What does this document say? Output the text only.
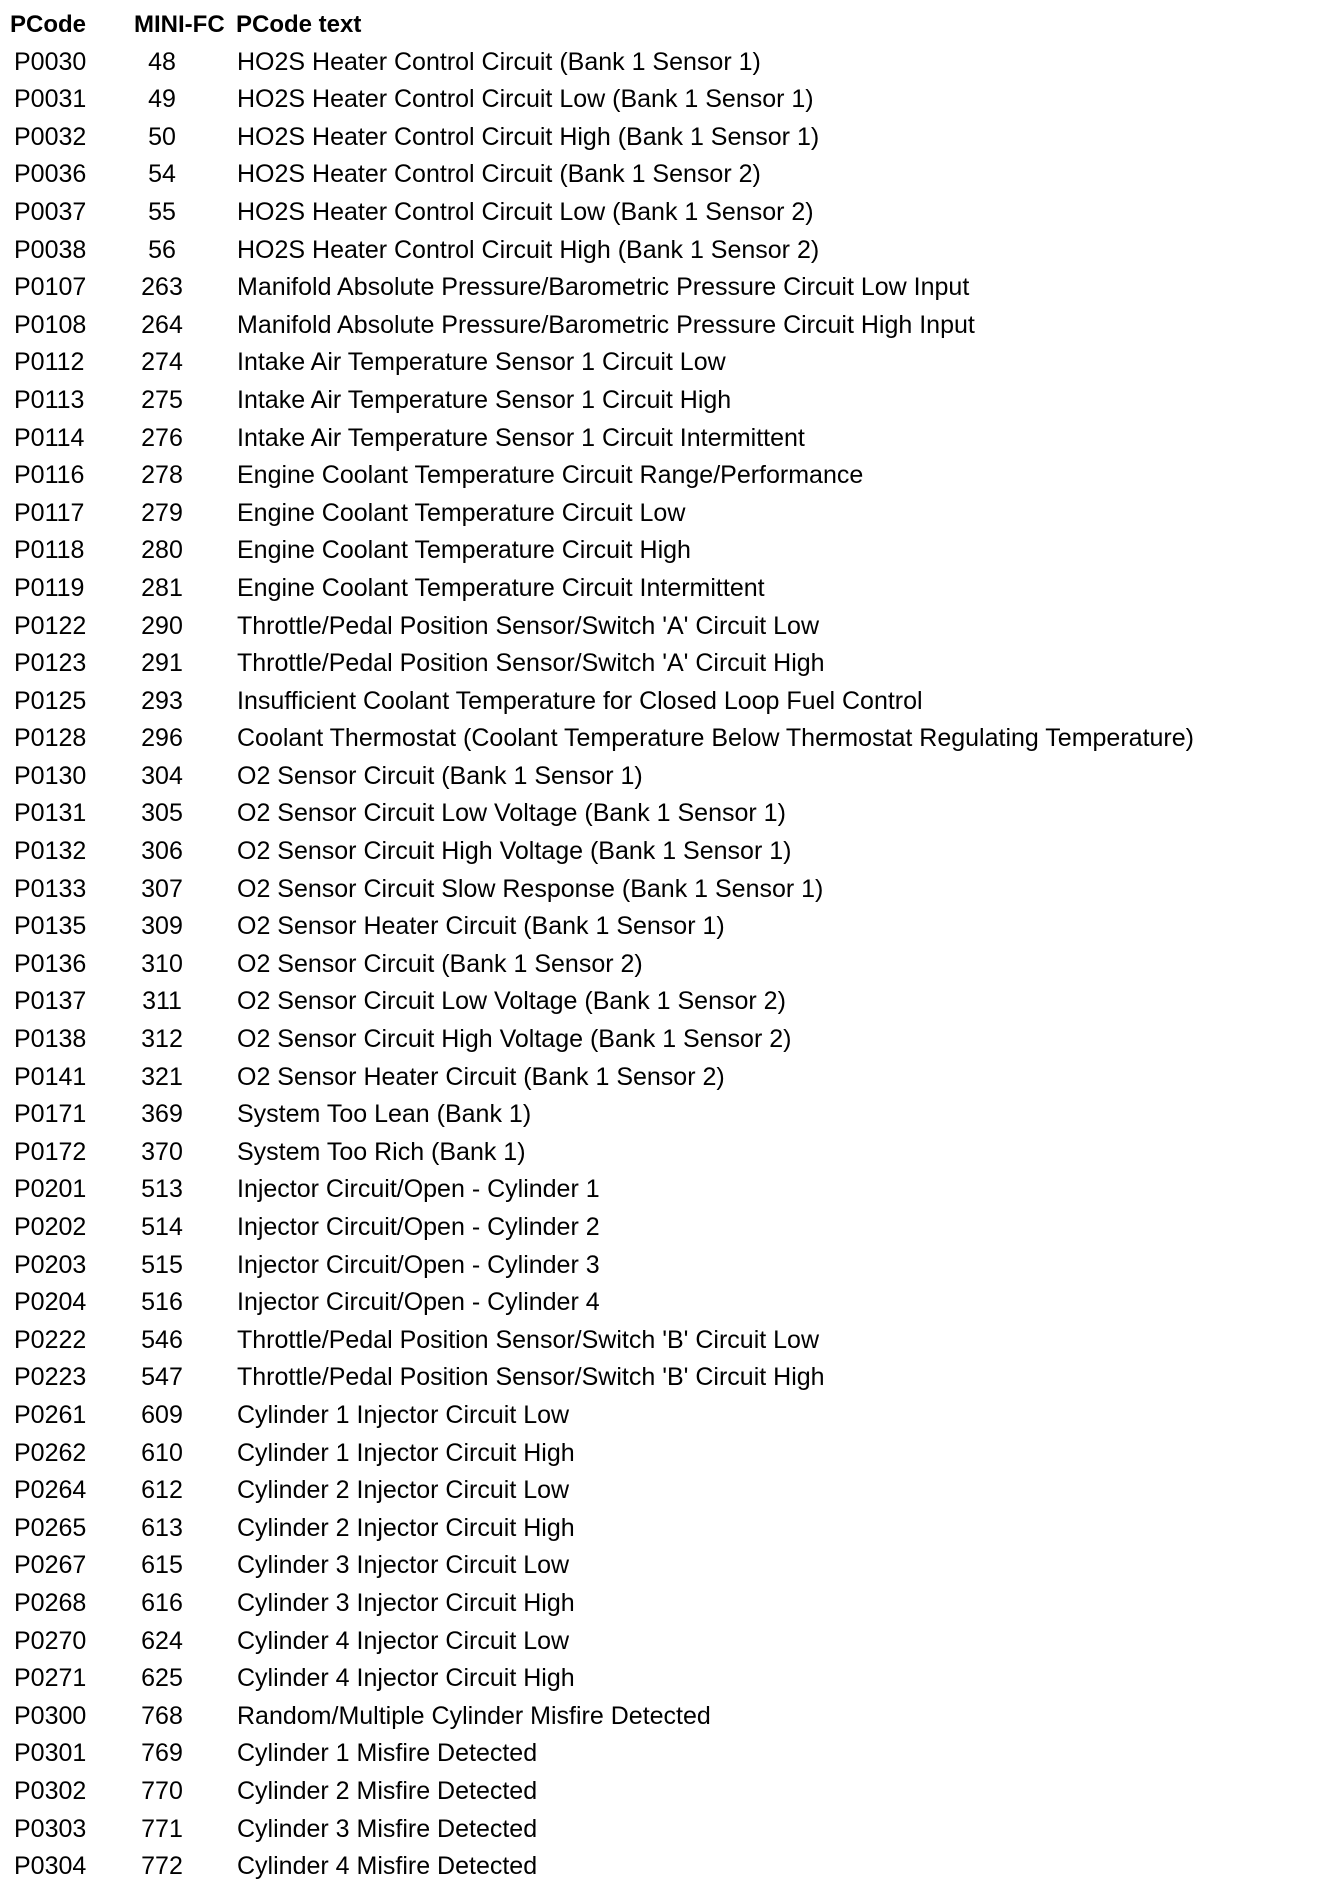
PCode MINI-FC PCode text
P0030	48	HO2S Heater Control Circuit (Bank 1 Sensor 1)
P0031	49	HO2S Heater Control Circuit Low (Bank 1 Sensor 1)
P0032	50	HO2S Heater Control Circuit High (Bank 1 Sensor 1)
P0036	54	HO2S Heater Control Circuit (Bank 1 Sensor 2)
P0037	55	HO2S Heater Control Circuit Low (Bank 1 Sensor 2)
P0038	56	HO2S Heater Control Circuit High (Bank 1 Sensor 2)
P0107	263	Manifold Absolute Pressure/Barometric Pressure Circuit Low Input
P0108	264	Manifold Absolute Pressure/Barometric Pressure Circuit High Input
P0112	274	Intake Air Temperature Sensor 1 Circuit Low
P0113	275	Intake Air Temperature Sensor 1 Circuit High
P0114	276	Intake Air Temperature Sensor 1 Circuit Intermittent
P0116	278	Engine Coolant Temperature Circuit Range/Performance
P0117	279	Engine Coolant Temperature Circuit Low
P0118	280	Engine Coolant Temperature Circuit High
P0119	281	Engine Coolant Temperature Circuit Intermittent
P0122	290	Throttle/Pedal Position Sensor/Switch 'A' Circuit Low
P0123	291	Throttle/Pedal Position Sensor/Switch 'A' Circuit High
P0125	293	Insufficient Coolant Temperature for Closed Loop Fuel Control
P0128	296	Coolant Thermostat (Coolant Temperature Below Thermostat Regulating Temperature)
P0130	304	O2 Sensor Circuit (Bank 1 Sensor 1)
P0131	305	O2 Sensor Circuit Low Voltage (Bank 1 Sensor 1)
P0132	306	O2 Sensor Circuit High Voltage (Bank 1 Sensor 1)
P0133	307	O2 Sensor Circuit Slow Response (Bank 1 Sensor 1)
P0135	309	O2 Sensor Heater Circuit (Bank 1 Sensor 1)
P0136	310	O2 Sensor Circuit (Bank 1 Sensor 2)
P0137	311	O2 Sensor Circuit Low Voltage (Bank 1 Sensor 2)
P0138	312	O2 Sensor Circuit High Voltage (Bank 1 Sensor 2)
P0141	321	O2 Sensor Heater Circuit (Bank 1 Sensor 2)
P0171	369	System Too Lean (Bank 1)
P0172	370	System Too Rich (Bank 1)
P0201	513	Injector Circuit/Open - Cylinder 1
P0202	514	Injector Circuit/Open - Cylinder 2
P0203	515	Injector Circuit/Open - Cylinder 3
P0204	516	Injector Circuit/Open - Cylinder 4
P0222	546	Throttle/Pedal Position Sensor/Switch 'B' Circuit Low
P0223	547	Throttle/Pedal Position Sensor/Switch 'B' Circuit High
P0261	609	Cylinder 1 Injector Circuit Low
P0262	610	Cylinder 1 Injector Circuit High
P0264	612	Cylinder 2 Injector Circuit Low
P0265	613	Cylinder 2 Injector Circuit High
P0267	615	Cylinder 3 Injector Circuit Low
P0268	616	Cylinder 3 Injector Circuit High
P0270	624	Cylinder 4 Injector Circuit Low
P0271	625	Cylinder 4 Injector Circuit High
P0300	768	Random/Multiple Cylinder Misfire Detected
P0301	769	Cylinder 1 Misfire Detected
P0302	770	Cylinder 2 Misfire Detected
P0303	771	Cylinder 3 Misfire Detected
P0304	772	Cylinder 4 Misfire Detected
